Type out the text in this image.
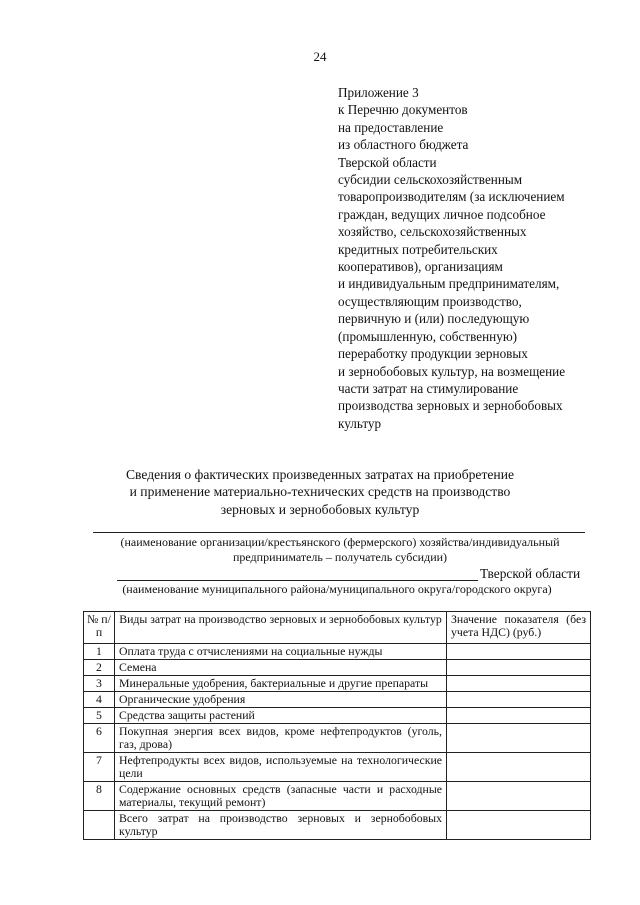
24
Приложение 3
к Перечню документов
на предоставление
из областного бюджета
Тверской области
субсидии сельскохозяйственным
товаропроизводителям (за исключением
граждан, ведущих личное подсобное
хозяйство, сельскохозяйственных
кредитных потребительских
кооперативов), организациям
и индивидуальным предпринимателям,
осуществляющим производство,
первичную и (или) последующую
(промышленную, собственную)
переработку продукции зерновых
и зернобобовых культур, на возмещение
части затрат на стимулирование
производства зерновых и зернобобовых
культур
Сведения о фактических произведенных затратах на приобретение
и применение материально-технических средств на производство
зерновых и зернобобовых культур
(наименование организации/крестьянского (фермерского) хозяйства/индивидуальный предприниматель – получатель субсидии)
Тверской области
(наименование муниципального района/муниципального округа/городского округа)
№ п/п	Виды затрат на производство зерновых и зернобобовых культур	Значение показателя (без учета НДС) (руб.)
1	Оплата труда с отчислениями на социальные нужды	
2	Семена	
3	Минеральные удобрения, бактериальные и другие препараты	
4	Органические удобрения	
5	Средства защиты растений	
6	Покупная энергия всех видов, кроме нефтепродуктов (уголь, газ, дрова)	
7	Нефтепродукты всех видов, используемые на технологические цели	
8	Содержание основных средств (запасные части и расходные материалы, текущий ремонт)	
	Всего затрат на производство зерновых и зернобобовых культур	
